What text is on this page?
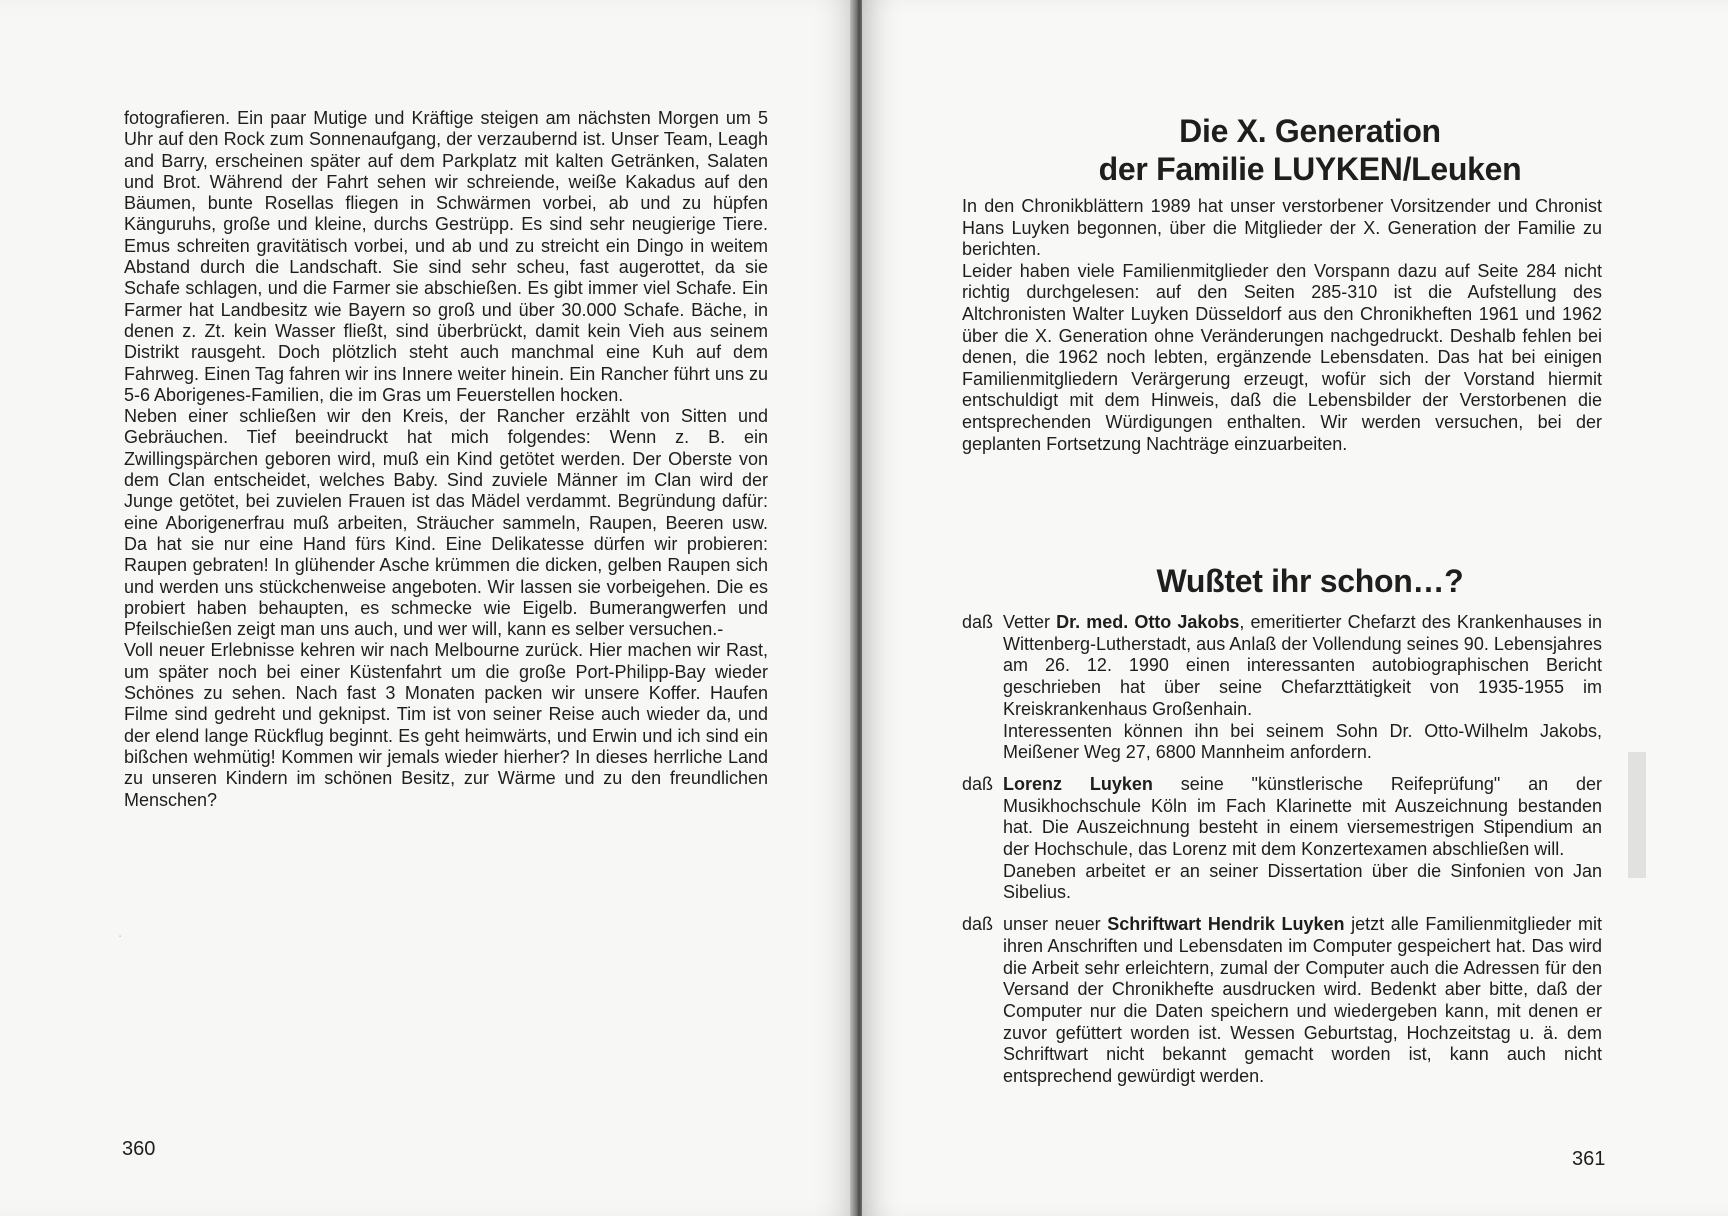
.

fotografieren. Ein paar Mutige und Kräftige steigen am nächsten Morgen um 5 Uhr auf den Rock zum Sonnenaufgang, der verzaubernd ist. Unser Team, Leagh and Barry, erscheinen später auf dem Parkplatz mit kalten Getränken, Salaten und Brot. Während der Fahrt sehen wir schreiende, weiße Kakadus auf den Bäumen, bunte Rosellas fliegen in Schwärmen vorbei, ab und zu hüpfen Känguruhs, große und kleine, durchs Gestrüpp. Es sind sehr neugierige Tiere. Emus schreiten gravitätisch vorbei, und ab und zu streicht ein Dingo in weitem Abstand durch die Landschaft. Sie sind sehr scheu, fast augerottet, da sie Schafe schlagen, und die Farmer sie abschießen. Es gibt immer viel Schafe. Ein Farmer hat Landbesitz wie Bayern so groß und über 30.000 Schafe. Bäche, in denen z. Zt. kein Wasser fließt, sind überbrückt, damit kein Vieh aus seinem Distrikt rausgeht. Doch plötzlich steht auch manchmal eine Kuh auf dem Fahrweg. Einen Tag fahren wir ins Innere weiter hinein. Ein Rancher führt uns zu 5-6 Aborigenes-Familien, die im Gras um Feuerstellen hocken.

Neben einer schließen wir den Kreis, der Rancher erzählt von Sitten und Gebräuchen. Tief beeindruckt hat mich folgendes: Wenn z. B. ein Zwillingspärchen geboren wird, muß ein Kind getötet werden. Der Oberste von dem Clan entscheidet, welches Baby. Sind zuviele Männer im Clan wird der Junge getötet, bei zuvielen Frauen ist das Mädel verdammt. Begründung dafür: eine Aborigenerfrau muß arbeiten, Sträucher sammeln, Raupen, Beeren usw. Da hat sie nur eine Hand fürs Kind. Eine Delikatesse dürfen wir probieren: Raupen gebraten! In glühender Asche krümmen die dicken, gelben Raupen sich und werden uns stückchenweise angeboten. Wir lassen sie vorbeigehen. Die es probiert haben behaupten, es schmecke wie Eigelb. Bumerangwerfen und Pfeilschießen zeigt man uns auch, und wer will, kann es selber versuchen.-

Voll neuer Erlebnisse kehren wir nach Melbourne zurück. Hier machen wir Rast, um später noch bei einer Küstenfahrt um die große Port-Philipp-Bay wieder Schönes zu sehen. Nach fast 3 Monaten packen wir unsere Koffer. Haufen Filme sind gedreht und geknipst. Tim ist von seiner Reise auch wieder da, und der elend lange Rückflug beginnt. Es geht heimwärts, und Erwin und ich sind ein bißchen wehmütig! Kommen wir jemals wieder hierher? In dieses herrliche Land zu unseren Kindern im schönen Besitz, zur Wärme und zu den freundlichen Menschen?

360
Die X. Generation
der Familie LUYKEN/Leuken

In den Chronikblättern 1989 hat unser verstorbener Vorsitzender und Chronist Hans Luyken begonnen, über die Mitglieder der X. Generation der Familie zu berichten.

Leider haben viele Familienmitglieder den Vorspann dazu auf Seite 284 nicht richtig durchgelesen: auf den Seiten 285-310 ist die Aufstellung des Altchronisten Walter Luyken Düsseldorf aus den Chronikheften 1961 und 1962 über die X. Generation ohne Veränderungen nachgedruckt. Deshalb fehlen bei denen, die 1962 noch lebten, ergänzende Lebensdaten. Das hat bei einigen Familienmitgliedern Verärgerung erzeugt, wofür sich der Vorstand hiermit entschuldigt mit dem Hinweis, daß die Lebensbilder der Verstorbenen die entsprechenden Würdigungen enthalten. Wir werden versuchen, bei der geplanten Fortsetzung Nachträge einzuarbeiten.

Wußtet ihr schon…?
daß Vetter Dr. med. Otto Jakobs, emeritierter Chefarzt des Krankenhauses in Wittenberg-Lutherstadt, aus Anlaß der Vollendung seines 90. Lebensjahres am 26. 12. 1990 einen interessanten autobiographischen Bericht geschrieben hat über seine Chefarzttätigkeit von 1935-1955 im Kreiskrankenhaus Großenhain.

Interessenten können ihn bei seinem Sohn Dr. Otto-Wilhelm Jakobs, Meißener Weg 27, 6800 Mannheim anfordern.

daß Lorenz Luyken seine "künstlerische Reifeprüfung" an der Musikhochschule Köln im Fach Klarinette mit Auszeichnung bestanden hat. Die Auszeichnung besteht in einem viersemestrigen Stipendium an der Hochschule, das Lorenz mit dem Konzertexamen abschließen will.

Daneben arbeitet er an seiner Dissertation über die Sinfonien von Jan Sibelius.

daß unser neuer Schriftwart Hendrik Luyken jetzt alle Familienmitglieder mit ihren Anschriften und Lebensdaten im Computer gespeichert hat. Das wird die Arbeit sehr erleichtern, zumal der Computer auch die Adressen für den Versand der Chronikhefte ausdrucken wird. Bedenkt aber bitte, daß der Computer nur die Daten speichern und wiedergeben kann, mit denen er zuvor gefüttert worden ist. Wessen Geburtstag, Hochzeitstag u. ä. dem Schriftwart nicht bekannt gemacht worden ist, kann auch nicht entsprechend gewürdigt werden.

361
